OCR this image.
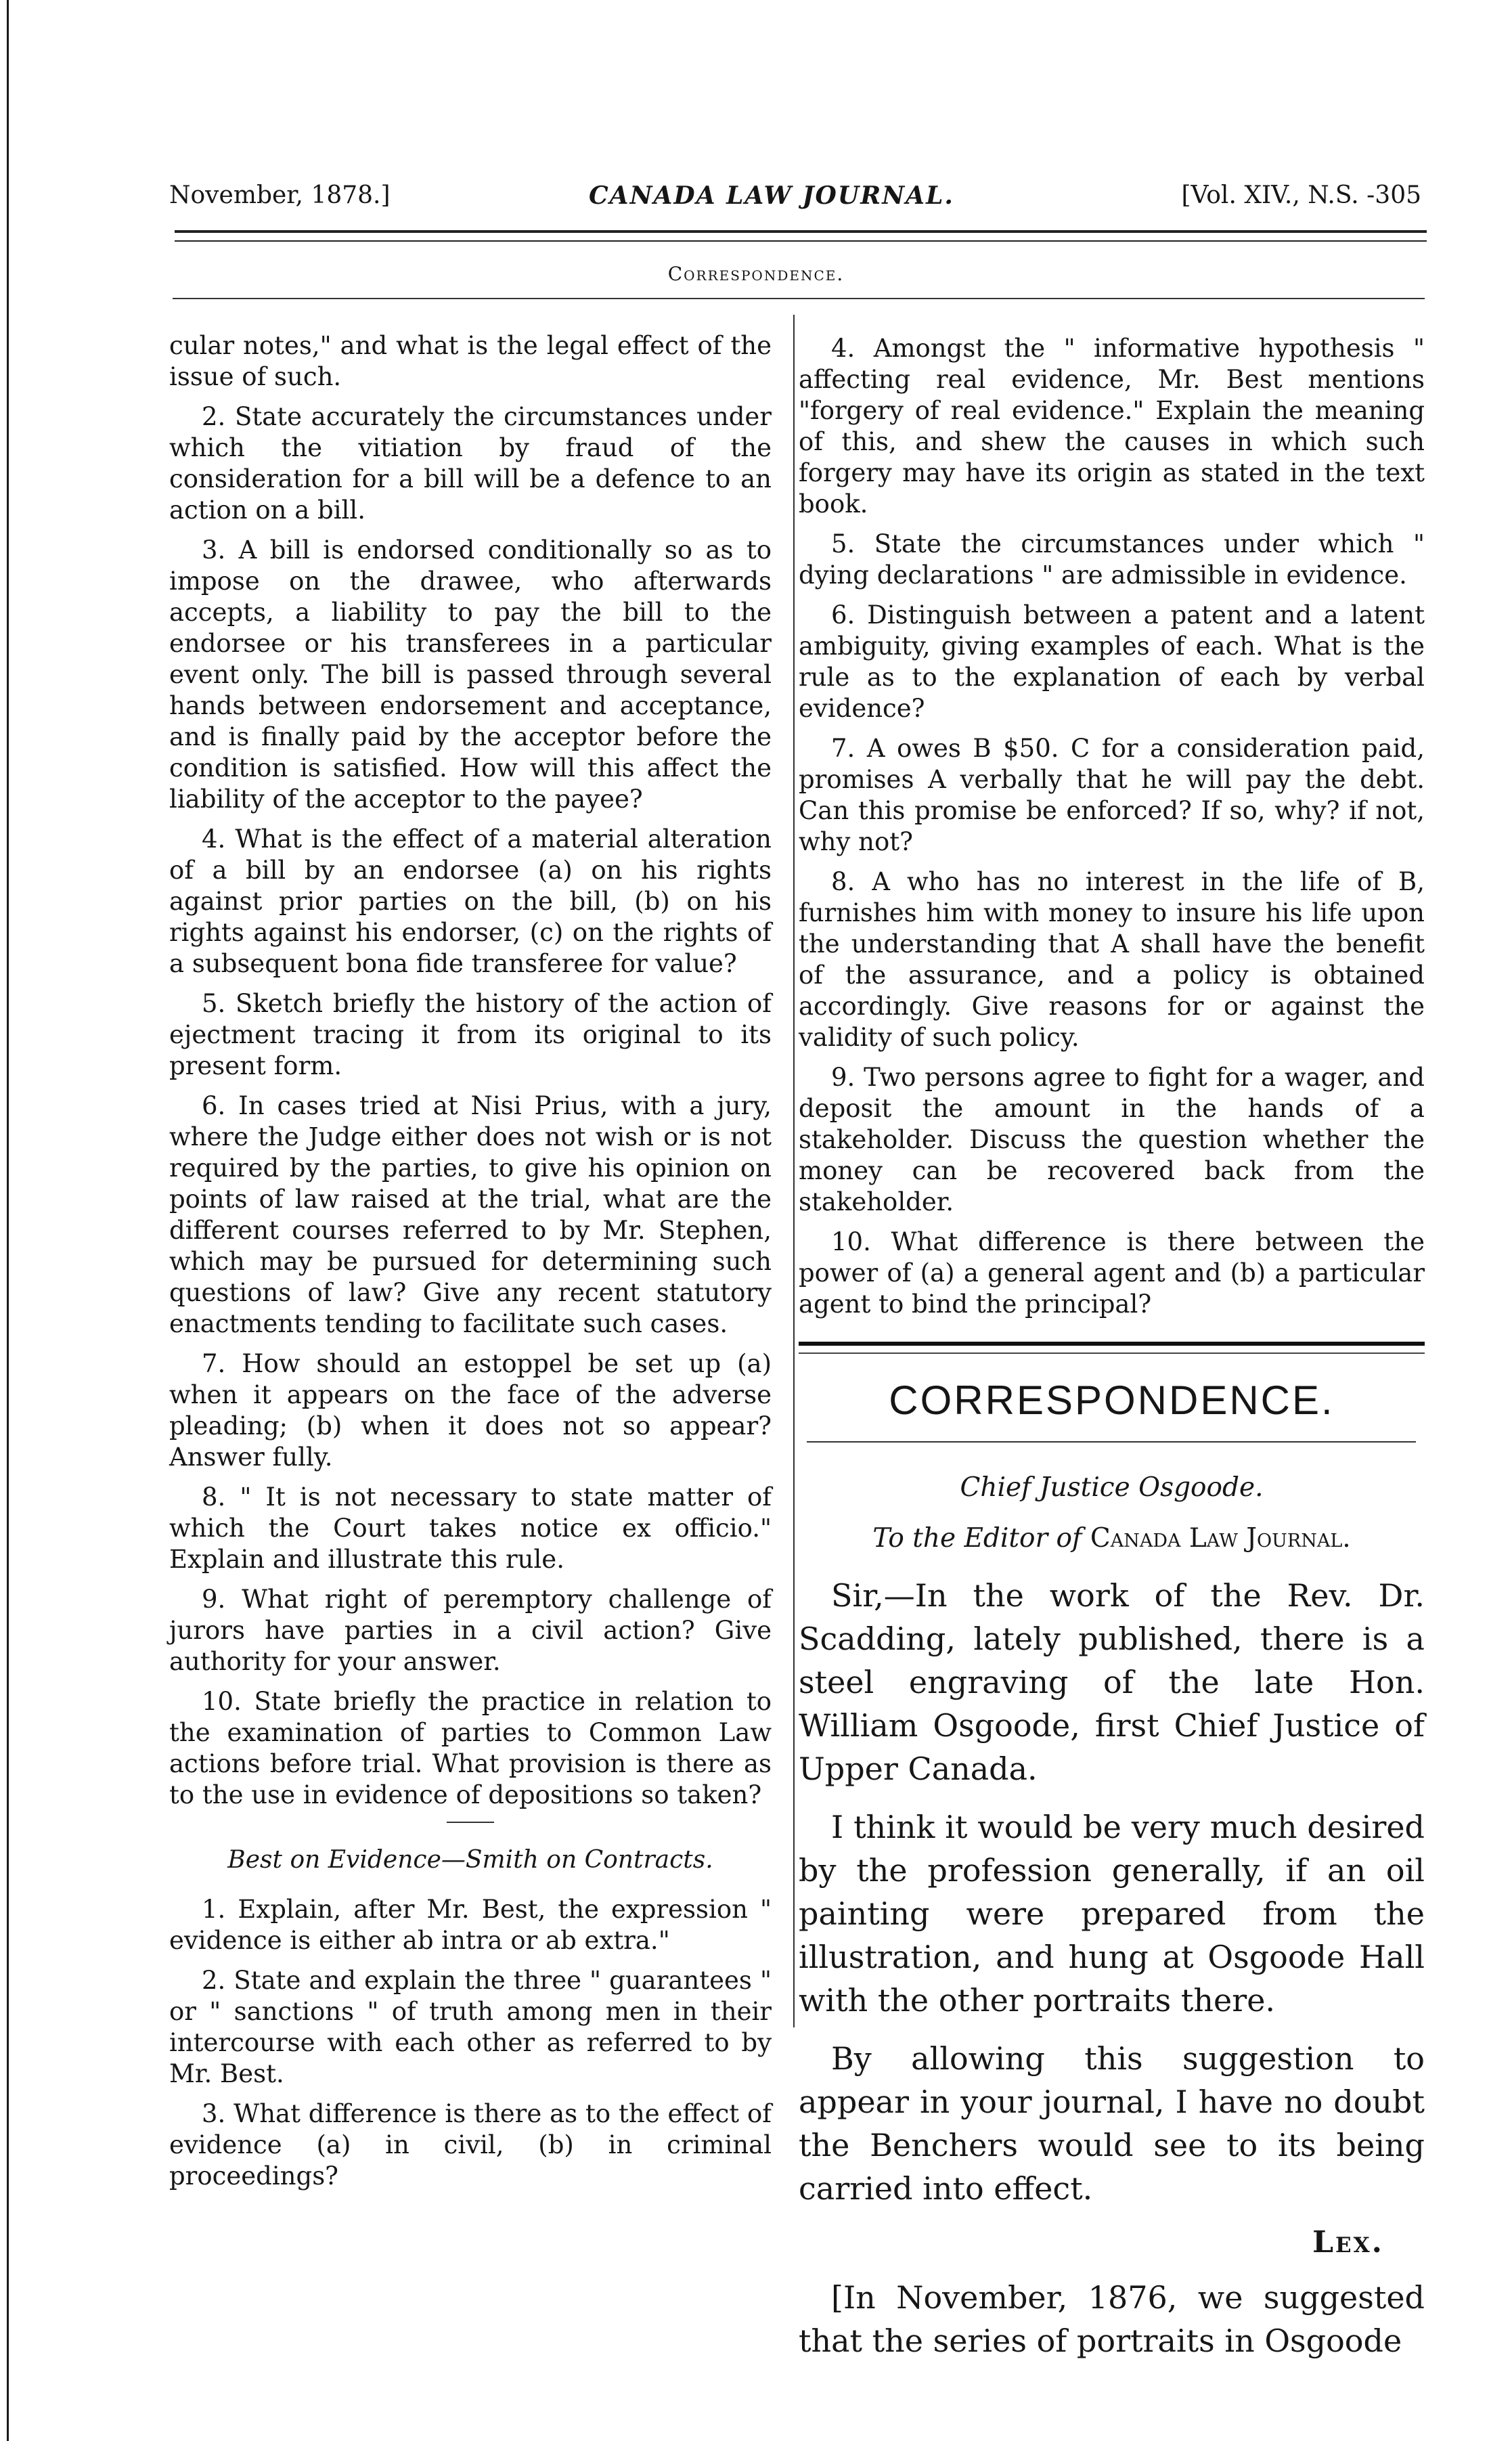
November, 1878.]	CANADA LAW JOURNAL.	[Vol. XIV., N.S. -305
Correspondence.

cular notes," and what is the legal effect of the issue of such.

2. State accurately the circumstances under which the vitiation by fraud of the consideration for a bill will be a defence to an action on a bill.

3. A bill is endorsed conditionally so as to impose on the drawee, who afterwards accepts, a liability to pay the bill to the endorsee or his transferees in a particular event only. The bill is passed through several hands between endorsement and acceptance, and is finally paid by the acceptor before the condition is satisfied. How will this affect the liability of the acceptor to the payee?

4. What is the effect of a material alteration of a bill by an endorsee (a) on his rights against prior parties on the bill, (b) on his rights against his endorser, (c) on the rights of a subsequent bona fide transferee for value?

5. Sketch briefly the history of the action of ejectment tracing it from its original to its present form.

6. In cases tried at Nisi Prius, with a jury, where the Judge either does not wish or is not required by the parties, to give his opinion on points of law raised at the trial, what are the different courses referred to by Mr. Stephen, which may be pursued for determining such questions of law? Give any recent statutory enactments tending to facilitate such cases.

7. How should an estoppel be set up (a) when it appears on the face of the adverse pleading; (b) when it does not so appear? Answer fully.

8. " It is not necessary to state matter of which the Court takes notice ex officio." Explain and illustrate this rule.

9. What right of peremptory challenge of jurors have parties in a civil action? Give authority for your answer.

10. State briefly the practice in relation to the examination of parties to Common Law actions before trial. What provision is there as to the use in evidence of depositions so taken?

Best on Evidence—Smith on Contracts.

1. Explain, after Mr. Best, the expression " evidence is either ab intra or ab extra."

2. State and explain the three " guarantees " or " sanctions " of truth among men in their intercourse with each other as referred to by Mr. Best.

3. What difference is there as to the effect of evidence (a) in civil, (b) in criminal proceedings?

4. Amongst the " informative hypothesis " affecting real evidence, Mr. Best mentions "forgery of real evidence." Explain the meaning of this, and shew the causes in which such forgery may have its origin as stated in the text book.

5. State the circumstances under which " dying declarations " are admissible in evidence.

6. Distinguish between a patent and a latent ambiguity, giving examples of each. What is the rule as to the explanation of each by verbal evidence?

7. A owes B $50. C for a consideration paid, promises A verbally that he will pay the debt. Can this promise be enforced? If so, why? if not, why not?

8. A who has no interest in the life of B, furnishes him with money to insure his life upon the understanding that A shall have the benefit of the assurance, and a policy is obtained accordingly. Give reasons for or against the validity of such policy.

9. Two persons agree to fight for a wager, and deposit the amount in the hands of a stakeholder. Discuss the question whether the money can be recovered back from the stakeholder.

10. What difference is there between the power of (a) a general agent and (b) a particular agent to bind the principal?

CORRESPONDENCE.
Chief Justice Osgoode.
To the Editor of Canada Law Journal.

Sir,—In the work of the Rev. Dr. Scadding, lately published, there is a steel engraving of the late Hon. William Osgoode, first Chief Justice of Upper Canada.

I think it would be very much desired by the profession generally, if an oil painting were prepared from the illustration, and hung at Osgoode Hall with the other portraits there.

By allowing this suggestion to appear in your journal, I have no doubt the Benchers would see to its being carried into effect.

Lex.

[In November, 1876, we suggested that the series of portraits in Osgoode
